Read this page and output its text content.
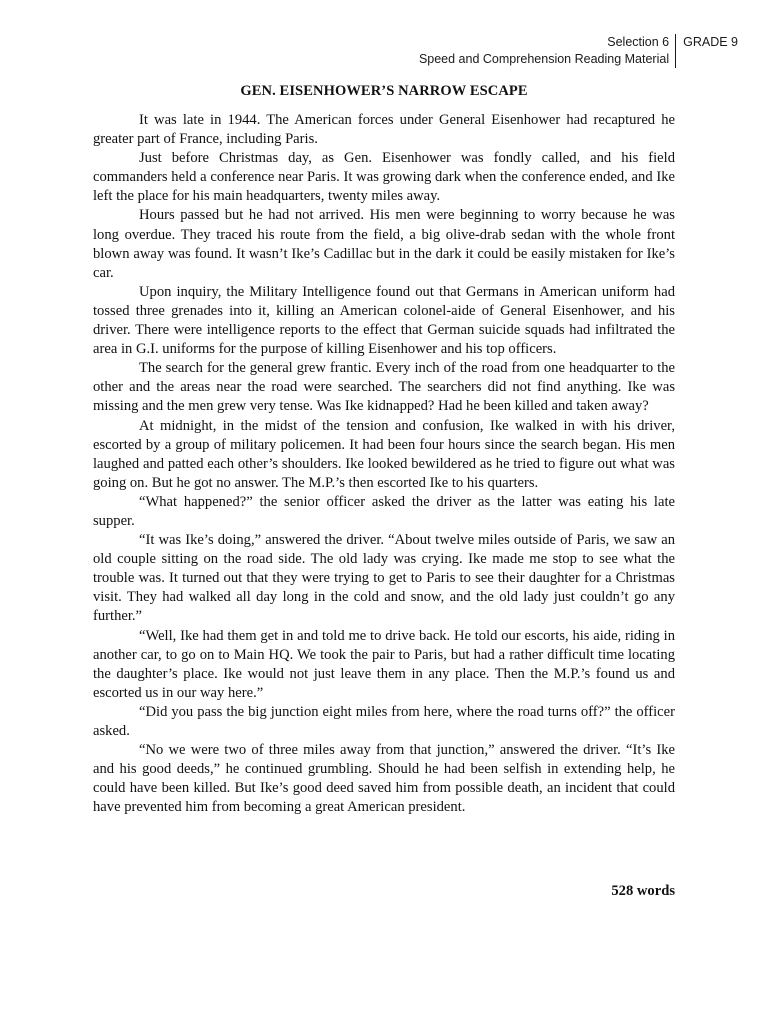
Selection 6
Speed and Comprehension Reading Material
GRADE 9
GEN. EISENHOWER’S NARROW ESCAPE

It was late in 1944. The American forces under General Eisenhower had recaptured he greater part of France, including Paris.

Just before Christmas day, as Gen. Eisenhower was fondly called, and his field commanders held a conference near Paris. It was growing dark when the conference ended, and Ike left the place for his main headquarters, twenty miles away.

Hours passed but he had not arrived. His men were beginning to worry because he was long overdue. They traced his route from the field, a big olive-drab sedan with the whole front blown away was found. It wasn’t Ike’s Cadillac but in the dark it could be easily mistaken for Ike’s car.

Upon inquiry, the Military Intelligence found out that Germans in American uniform had tossed three grenades into it, killing an American colonel-aide of General Eisenhower, and his driver. There were intelligence reports to the effect that German suicide squads had infiltrated the area in G.I. uniforms for the purpose of killing Eisenhower and his top officers.

The search for the general grew frantic. Every inch of the road from one headquarter to the other and the areas near the road were searched. The searchers did not find anything. Ike was missing and the men grew very tense. Was Ike kidnapped? Had he been killed and taken away?

At midnight, in the midst of the tension and confusion, Ike walked in with his driver, escorted by a group of military policemen. It had been four hours since the search began. His men laughed and patted each other’s shoulders. Ike looked bewildered as he tried to figure out what was going on. But he got no answer. The M.P.’s then escorted Ike to his quarters.

“What happened?” the senior officer asked the driver as the latter was eating his late supper.

“It was Ike’s doing,” answered the driver. “About twelve miles outside of Paris, we saw an old couple sitting on the road side. The old lady was crying. Ike made me stop to see what the trouble was. It turned out that they were trying to get to Paris to see their daughter for a Christmas visit. They had walked all day long in the cold and snow, and the old lady just couldn’t go any further.”

“Well, Ike had them get in and told me to drive back. He told our escorts, his aide, riding in another car, to go on to Main HQ. We took the pair to Paris, but had a rather difficult time locating the daughter’s place. Ike would not just leave them in any place. Then the M.P.’s found us and escorted us in our way here.”

“Did you pass the big junction eight miles from here, where the road turns off?” the officer asked.

“No we were two of three miles away from that junction,” answered the driver. “It’s Ike and his good deeds,” he continued grumbling. Should he had been selfish in extending help, he could have been killed. But Ike’s good deed saved him from possible death, an incident that could have prevented him from becoming a great American president.

528 words
